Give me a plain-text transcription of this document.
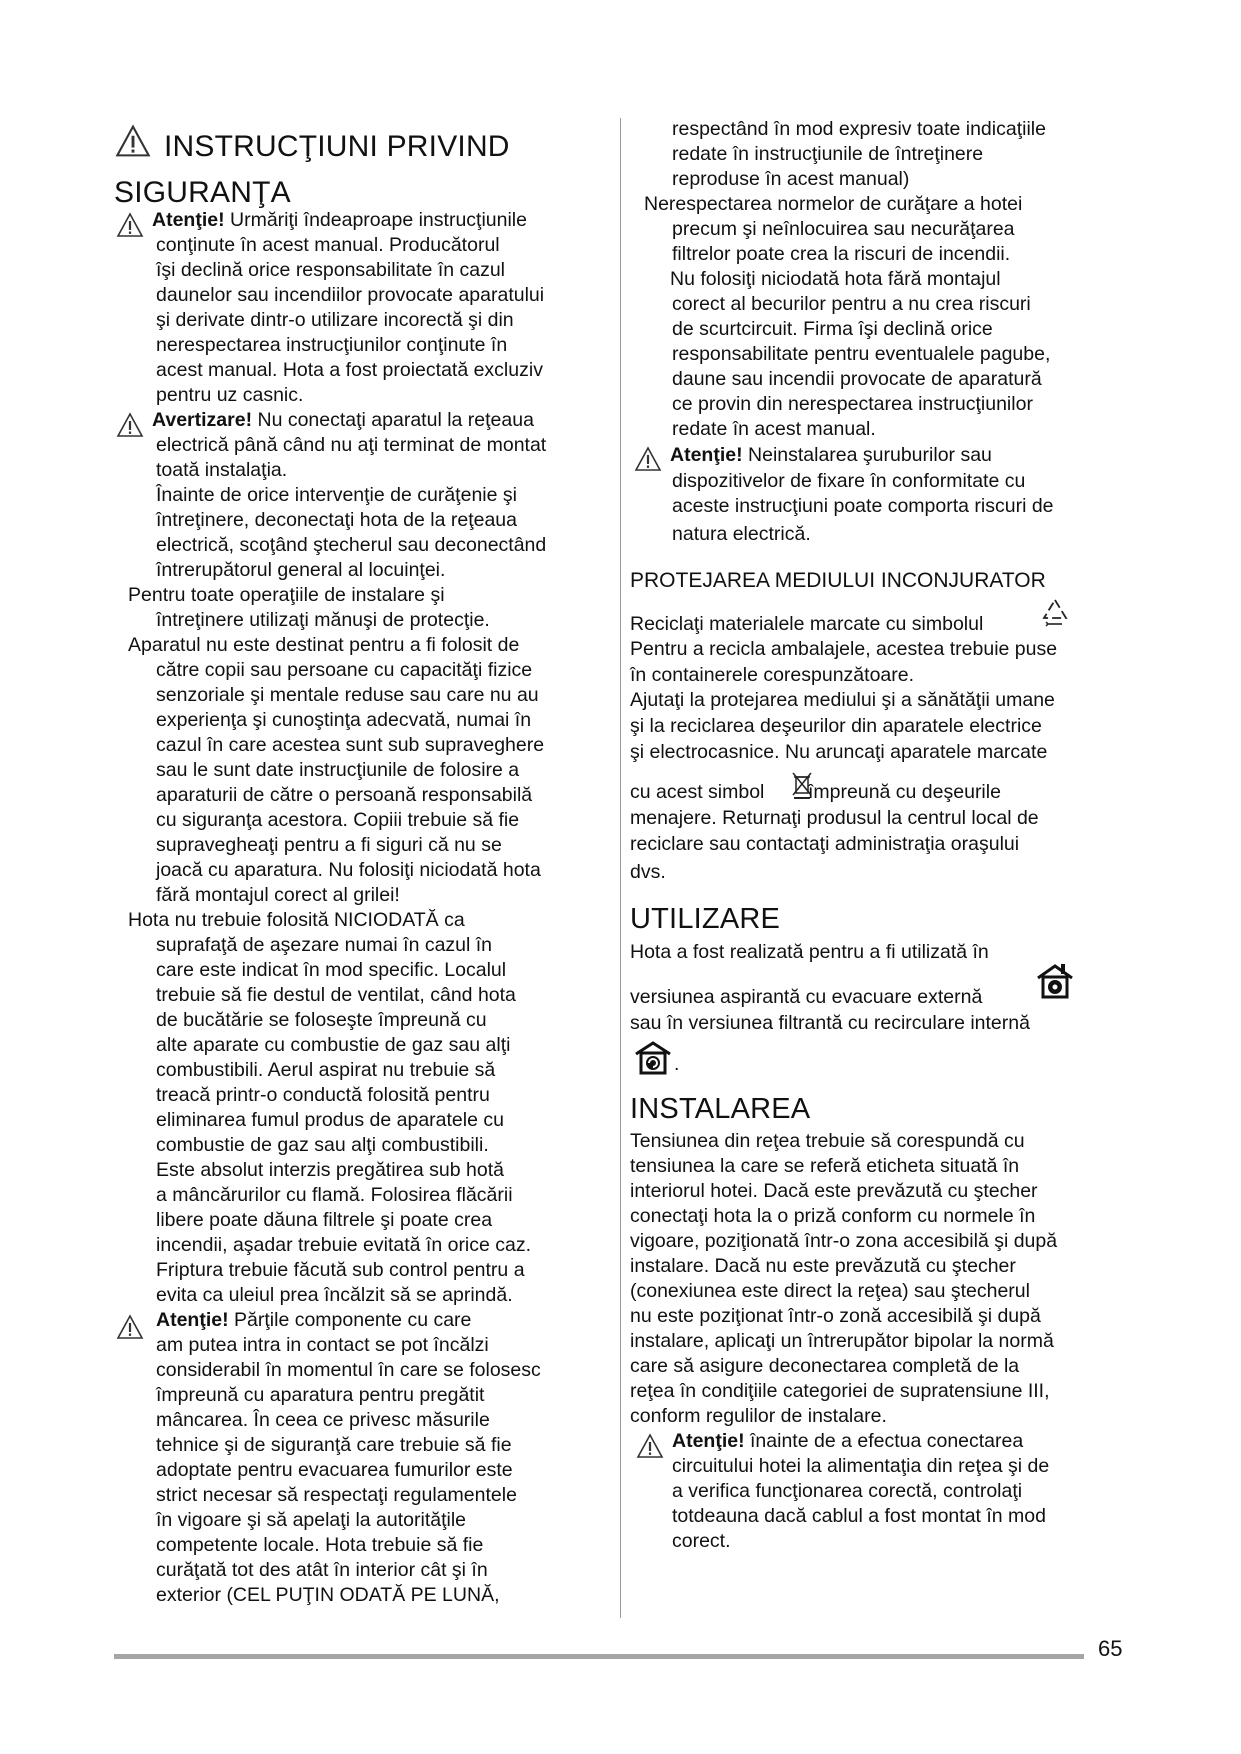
INSTRUCŢIUNI PRIVIND
SIGURANŢA
Atenţie! Urmăriţi îndeaproape instrucţiunile
conţinute în acest manual. Producătorul
îşi declină orice responsabilitate în cazul
daunelor sau incendiilor provocate aparatului
şi derivate dintr-o utilizare incorectă şi din
nerespectarea instrucţiunilor conţinute în
acest manual. Hota a fost proiectată excluziv
pentru uz casnic.
Avertizare! Nu conectaţi aparatul la reţeaua
electrică până când nu aţi terminat de montat
toată instalaţia.
Înainte de orice intervenţie de curăţenie şi
întreţinere, deconectaţi hota de la reţeaua
electrică, scoţând ştecherul sau deconectând
întrerupătorul general al locuinţei.
Pentru toate operaţiile de instalare şi
întreţinere utilizaţi mănuşi de protecţie.
Aparatul nu este destinat pentru a fi folosit de
către copii sau persoane cu capacităţi fizice
senzoriale şi mentale reduse sau care nu au
experienţa şi cunoştinţa adecvată, numai în
cazul în care acestea sunt sub supraveghere
sau le sunt date instrucţiunile de folosire a
aparaturii de către o persoană responsabilă
cu siguranţa acestora. Copiii trebuie să fie
supravegheaţi pentru a fi siguri că nu se
joacă cu aparatura. Nu folosiţi niciodată hota
fără montajul corect al grilei!
Hota nu trebuie folosită NICIODATĂ ca
suprafaţă de aşezare numai în cazul în
care este indicat în mod specific. Localul
trebuie să fie destul de ventilat, când hota
de bucătărie se foloseşte împreună cu
alte aparate cu combustie de gaz sau alţi
combustibili. Aerul aspirat nu trebuie să
treacă printr-o conductă folosită pentru
eliminarea fumul produs de aparatele cu
combustie de gaz sau alţi combustibili.
Este absolut interzis pregătirea sub hotă
a mâncărurilor cu flamă. Folosirea flăcării
libere poate dăuna filtrele şi poate crea
incendii, aşadar trebuie evitată în orice caz.
Friptura trebuie făcută sub control pentru a
evita ca uleiul prea încălzit să se aprindă.
Atenţie! Părţile componente cu care
am putea intra in contact se pot încălzi
considerabil în momentul în care se folosesc
împreună cu aparatura pentru pregătit
mâncarea. În ceea ce privesc măsurile
tehnice şi de siguranţă care trebuie să fie
adoptate pentru evacuarea fumurilor este
strict necesar să respectaţi regulamentele
în vigoare şi să apelaţi la autorităţile
competente locale. Hota trebuie să fie
curăţată tot des atât în interior cât şi în
exterior (CEL PUŢIN ODATĂ PE LUNĂ,
respectând în mod expresiv toate indicaţiile
redate în instrucţiunile de întreţinere
reproduse în acest manual)
Nerespectarea normelor de curăţare a hotei
precum şi neînlocuirea sau necurăţarea
filtrelor poate crea la riscuri de incendii.
Nu folosiţi niciodată hota fără montajul
corect al becurilor pentru a nu crea riscuri
de scurtcircuit. Firma îşi declină orice
responsabilitate pentru eventualele pagube,
daune sau incendii provocate de aparatură
ce provin din nerespectarea instrucţiunilor
redate în acest manual.
Atenţie! Neinstalarea şuruburilor sau
dispozitivelor de fixare în conformitate cu
aceste instrucţiuni poate comporta riscuri de
natura electrică.
PROTEJAREA MEDIULUI INCONJURATOR
Reciclaţi materialele marcate cu simbolul
Pentru a recicla ambalajele, acestea trebuie puse
în containerele corespunzătoare.
Ajutaţi la protejarea mediului şi a sănătăţii umane
şi la reciclarea deşeurilor din aparatele electrice
şi electrocasnice. Nu aruncaţi aparatele marcate
cu acest simbol împreună cu deşeurile
menajere. Returnaţi produsul la centrul local de
reciclare sau contactaţi administraţia oraşului
dvs.
UTILIZARE
Hota a fost realizată pentru a fi utilizată în
versiunea aspirantă cu evacuare externă
sau în versiunea filtrantă cu recirculare internă
.
INSTALAREA
Tensiunea din reţea trebuie să corespundă cu
tensiunea la care se referă eticheta situată în
interiorul hotei. Dacă este prevăzută cu ştecher
conectaţi hota la o priză conform cu normele în
vigoare, poziţionată într-o zona accesibilă şi după
instalare. Dacă nu este prevăzută cu ştecher
(conexiunea este direct la reţea) sau ştecherul
nu este poziţionat într-o zonă accesibilă şi după
instalare, aplicaţi un întrerupător bipolar la normă
care să asigure deconectarea completă de la
reţea în condiţiile categoriei de supratensiune III,
conform regulilor de instalare.
Atenţie! înainte de a efectua conectarea
circuitului hotei la alimentaţia din reţea şi de
a verifica funcţionarea corectă, controlaţi
totdeauna dacă cablul a fost montat în mod
corect.
65
